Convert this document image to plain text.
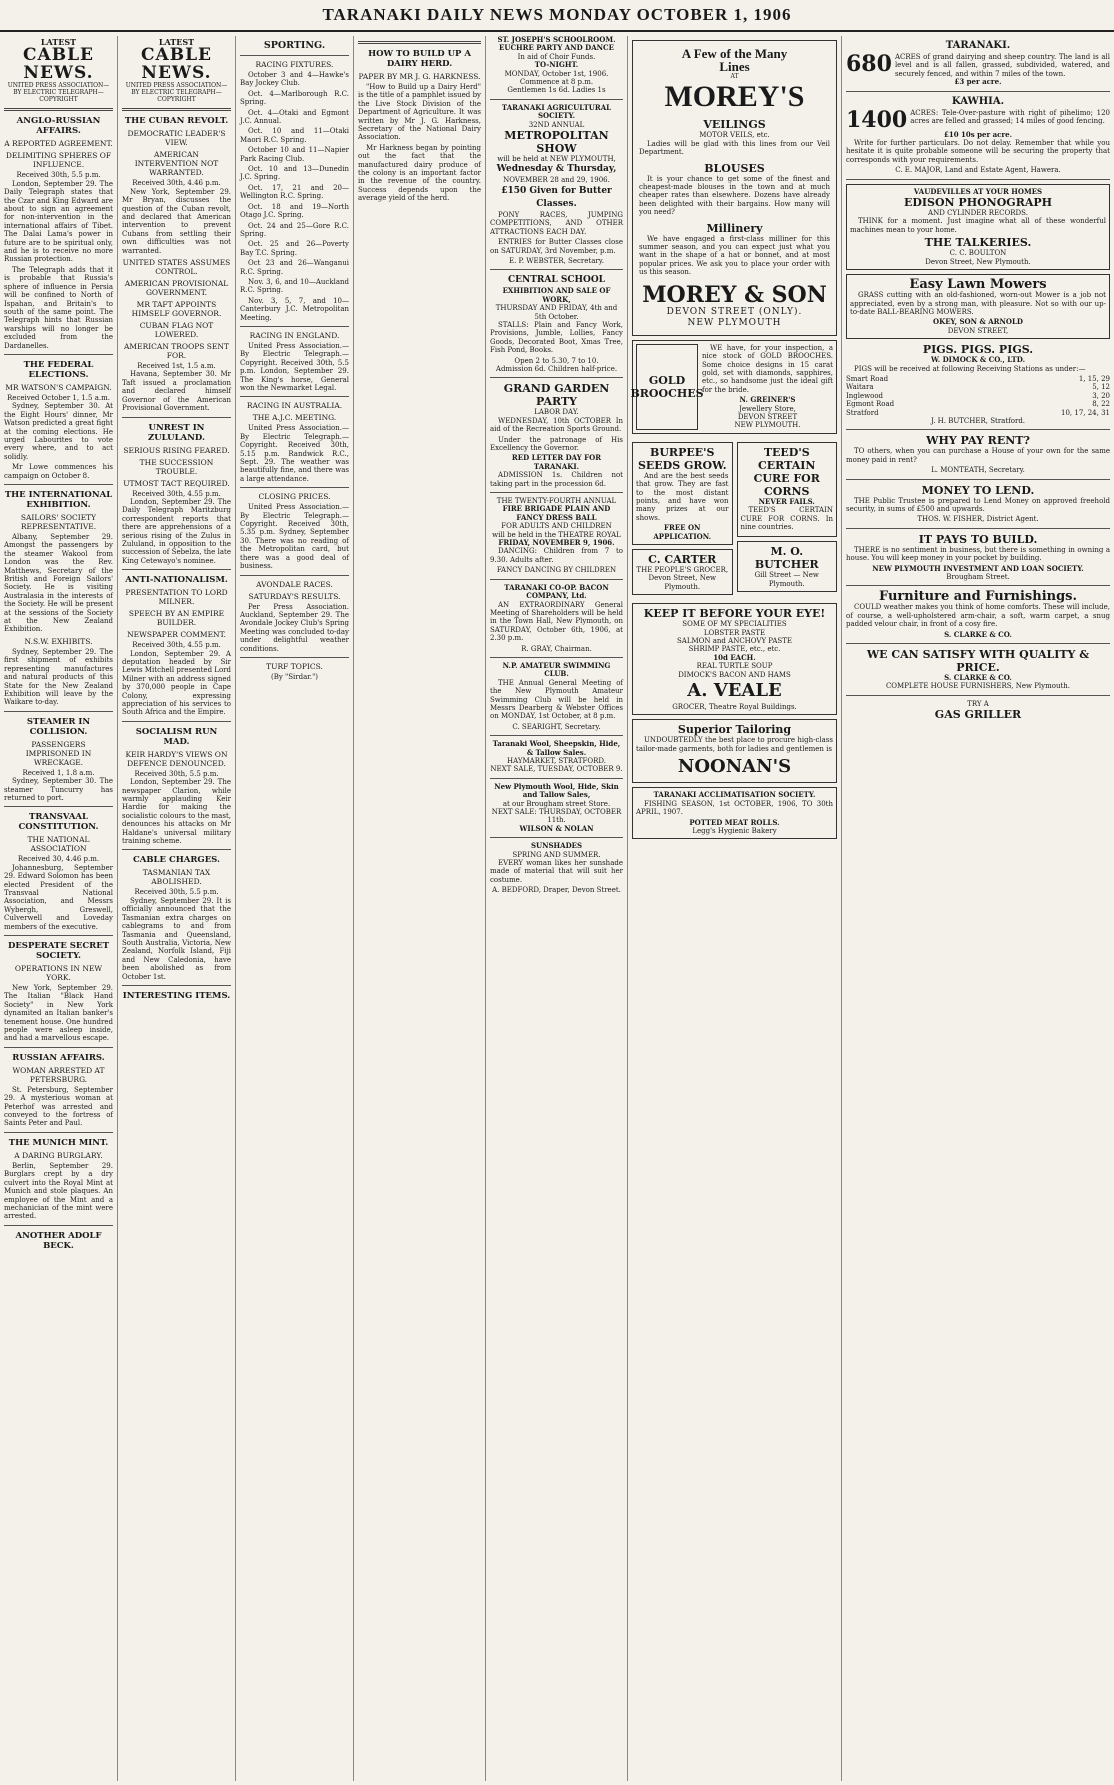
TARANAKI DAILY NEWS MONDAY OCTOBER 1, 1906
LATEST
CABLE NEWS.
UNITED PRESS ASSOCIATION—BY ELECTRIC TELEGRAPH—COPYRIGHT
ANGLO-RUSSIAN AFFAIRS.
A REPORTED AGREEMENT.
DELIMITING SPHERES OF INFLUENCE.
Received 30th, 5.5 p.m.

London, September 29. The Daily Telegraph states that the Czar and King Edward are about to sign an agreement for non-intervention in the international affairs of Tibet. The Dalai Lama's power in future are to be spiritual only, and he is to receive no more Russian protection.

The Telegraph adds that it is probable that Russia's sphere of influence in Persia will be confined to North of Ispahan, and Britain's to south of the same point. The Telegraph hints that Russian warships will no longer be excluded from the Dardanelles.

THE FEDERAL ELECTIONS.
MR WATSON'S CAMPAIGN.
Received October 1, 1.5 a.m.

Sydney, September 30. At the Eight Hours' dinner, Mr Watson predicted a great fight at the coming elections. He urged Labourites to vote every where, and to act solidly.

Mr Lowe commences his campaign on October 8.

THE INTERNATIONAL EXHIBITION.
SAILORS' SOCIETY REPRESENTATIVE.

Albany, September 29. Amongst the passengers by the steamer Wakool from London was the Rev. Matthews, Secretary of the British and Foreign Sailors' Society. He is visiting Australasia in the interests of the Society. He will be present at the sessions of the Society at the New Zealand Exhibition.

N.S.W. EXHIBITS.

Sydney, September 29. The first shipment of exhibits representing manufactures and natural products of this State for the New Zealand Exhibition will leave by the Waikare to-day.

STEAMER IN COLLISION.
PASSENGERS IMPRISONED IN WRECKAGE.
Received 1, 1.8 a.m.

Sydney, September 30. The steamer Tuncurry has returned to port.

TRANSVAAL CONSTITUTION.
THE NATIONAL ASSOCIATION
Received 30, 4.46 p.m.

Johannesburg, September 29. Edward Solomon has been elected President of the Transvaal National Association, and Messrs Wybergh, Greswell, Culverwell and Loveday members of the executive.

DESPERATE SECRET SOCIETY.
OPERATIONS IN NEW YORK.

New York, September 29. The Italian "Black Hand Society" in New York dynamited an Italian banker's tenement house. One hundred people were asleep inside, and had a marvellous escape.

RUSSIAN AFFAIRS.
WOMAN ARRESTED AT PETERSBURG.

St. Petersburg, September 29. A mysterious woman at Peterhof was arrested and conveyed to the fortress of Saints Peter and Paul.

THE MUNICH MINT.
A DARING BURGLARY.

Berlin, September 29. Burglars crept by a dry culvert into the Royal Mint at Munich and stole plaques. An employee of the Mint and a mechanician of the mint were arrested.

ANOTHER ADOLF BECK.
LATEST
CABLE NEWS.
UNITED PRESS ASSOCIATION—BY ELECTRIC TELEGRAPH—COPYRIGHT
THE CUBAN REVOLT.
DEMOCRATIC LEADER'S VIEW.
AMERICAN INTERVENTION NOT WARRANTED.
Received 30th, 4.46 p.m.

New York, September 29. Mr Bryan, discusses the question of the Cuban revolt, and declared that American intervention to prevent Cubans from settling their own difficulties was not warranted.

UNITED STATES ASSUMES CONTROL.
AMERICAN PROVISIONAL GOVERNMENT.
MR TAFT APPOINTS HIMSELF GOVERNOR.
CUBAN FLAG NOT LOWERED.
AMERICAN TROOPS SENT FOR.
Received 1st, 1.5 a.m.

Havana, September 30. Mr Taft issued a proclamation and declared himself Governor of the American Provisional Government.

UNREST IN ZULULAND.
SERIOUS RISING FEARED.
THE SUCCESSION TROUBLE.
UTMOST TACT REQUIRED.
Received 30th, 4.55 p.m.

London, September 29. The Daily Telegraph Maritzburg correspondent reports that there are apprehensions of a serious rising of the Zulus in Zululand, in opposition to the succession of Sebelza, the late King Cetewayo's nominee.

ANTI-NATIONALISM.
PRESENTATION TO LORD MILNER.
SPEECH BY AN EMPIRE BUILDER.
NEWSPAPER COMMENT.
Received 30th, 4.55 p.m.

London, September 29. A deputation headed by Sir Lewis Mitchell presented Lord Milner with an address signed by 370,000 people in Cape Colony, expressing appreciation of his services to South Africa and the Empire.

SOCIALISM RUN MAD.
KEIR HARDY'S VIEWS ON DEFENCE DENOUNCED.
Received 30th, 5.5 p.m.

London, September 29. The newspaper Clarion, while warmly applauding Keir Hardie for making the socialistic colours to the mast, denounces his attacks on Mr Haldane's universal military training scheme.

CABLE CHARGES.
TASMANIAN TAX ABOLISHED.
Received 30th, 5.5 p.m.

Sydney, September 29. It is officially announced that the Tasmanian extra charges on cablegrams to and from Tasmania and Queensland, South Australia, Victoria, New Zealand, Norfolk Island, Fiji and New Caledonia, have been abolished as from October 1st.

INTERESTING ITEMS.
SPORTING.
RACING FIXTURES.

October 3 and 4—Hawke's Bay Jockey Club.

Oct. 4—Marlborough R.C. Spring.

Oct. 4—Otaki and Egmont J.C. Annual.

Oct. 10 and 11—Otaki Maori R.C. Spring.

October 10 and 11—Napier Park Racing Club.

Oct. 10 and 13—Dunedin J.C. Spring.

Oct. 17, 21 and 20—Wellington R.C. Spring.

Oct. 18 and 19—North Otago J.C. Spring.

Oct. 24 and 25—Gore R.C. Spring.

Oct. 25 and 26—Poverty Bay T.C. Spring.

Oct 23 and 26—Wanganui R.C. Spring.

Nov. 3, 6, and 10—Auckland R.C. Spring.

Nov. 3, 5, 7, and 10—Canterbury J.C. Metropolitan Meeting.

RACING IN ENGLAND.

United Press Association.—By Electric Telegraph.—Copyright. Received 30th, 5.5 p.m. London, September 29. The King's horse, General won the Newmarket Legal.

RACING IN AUSTRALIA.
THE A.J.C. MEETING.

United Press Association.—By Electric Telegraph.—Copyright. Received 30th, 5.15 p.m. Randwick R.C., Sept. 29. The weather was beautifully fine, and there was a large attendance.

CLOSING PRICES.

United Press Association.—By Electric Telegraph.—Copyright. Received 30th, 5.35 p.m. Sydney, September 30. There was no reading of the Metropolitan card, but there was a good deal of business.

AVONDALE RACES.
SATURDAY'S RESULTS.

Per Press Association. Auckland, September 29. The Avondale Jockey Club's Spring Meeting was concluded to-day under delightful weather conditions.

TURF TOPICS.
(By "Sirdar.")
HOW TO BUILD UP A DAIRY HERD.
PAPER BY MR J. G. HARKNESS.

"How to Build up a Dairy Herd" is the title of a pamphlet issued by the Live Stock Division of the Department of Agriculture. It was written by Mr J. G. Harkness, Secretary of the National Dairy Association.

Mr Harkness began by pointing out the fact that the manufactured dairy produce of the colony is an important factor in the revenue of the country. Success depends upon the average yield of the herd.

ST. JOSEPH'S SCHOOLROOM.
EUCHRE PARTY AND DANCE
In aid of Choir Funds.
TO-NIGHT.
MONDAY, October 1st, 1906.
Commence at 8 p.m.
Gentlemen 1s 6d. Ladies 1s
TARANAKI AGRICULTURAL SOCIETY.
32ND ANNUAL
METROPOLITAN SHOW
will be held at NEW PLYMOUTH,
Wednesday & Thursday,
NOVEMBER 28 and 29, 1906.
£150 Given for Butter Classes.

PONY RACES, JUMPING COMPETITIONS, AND OTHER ATTRACTIONS EACH DAY.

ENTRIES for Butter Classes close on SATURDAY, 3rd November, p.m.

E. P. WEBSTER, Secretary.
CENTRAL SCHOOL
EXHIBITION AND SALE OF WORK,
THURSDAY AND FRIDAY, 4th and 5th October.

STALLS: Plain and Fancy Work, Provisions, Jumble, Lollies, Fancy Goods, Decorated Boot, Xmas Tree, Fish Pond, Books.

Open 2 to 5.30, 7 to 10.
Admission 6d. Children half-price.
GRAND GARDEN PARTY
LABOR DAY.

WEDNESDAY, 10th OCTOBER In aid of the Recreation Sports Ground.

Under the patronage of His Excellency the Governor.

RED LETTER DAY FOR TARANAKI.

ADMISSION 1s. Children not taking part in the procession 6d.

THE TWENTY-FOURTH ANNUAL
FIRE BRIGADE PLAIN AND FANCY DRESS BALL
FOR ADULTS AND CHILDREN
will be held in the THEATRE ROYAL
FRIDAY, NOVEMBER 9, 1906.

DANCING: Children from 7 to 9.30. Adults after.

FANCY DANCING BY CHILDREN
TARANAKI CO-OP. BACON COMPANY, Ltd.

AN EXTRAORDINARY General Meeting of Shareholders will be held in the Town Hall, New Plymouth, on SATURDAY, October 6th, 1906, at 2.30 p.m.

R. GRAY, Chairman.
N.P. AMATEUR SWIMMING CLUB.

THE Annual General Meeting of the New Plymouth Amateur Swimming Club will be held in Messrs Dearberg & Webster Offices on MONDAY, 1st October, at 8 p.m.

C. SEARIGHT, Secretary.
Taranaki Wool, Sheepskin, Hide, & Tallow Sales.
HAYMARKET, STRATFORD.
NEXT SALE, TUESDAY, OCTOBER 9.
New Plymouth Wool, Hide, Skin and Tallow Sales,
at our Brougham street Store.
NEXT SALE: THURSDAY, OCTOBER 11th.
WILSON & NOLAN
SUNSHADES
SPRING AND SUMMER.

EVERY woman likes her sunshade made of material that will suit her costume.

A. BEDFORD, Draper, Devon Street.
A Few of the Many
Lines
AT
MOREY'S
VEILINGS
MOTOR VEILS, etc.

Ladies will be glad with this lines from our Veil Department.

BLOUSES

It is your chance to get some of the finest and cheapest-made blouses in the town and at much cheaper rates than elsewhere. Dozens have already been delighted with their bargains. How many will you need?

Millinery

We have engaged a first-class milliner for this summer season, and you can expect just what you want in the shape of a hat or bonnet, and at most popular prices. We ask you to place your order with us this season.

MOREY & SON
DEVON STREET (ONLY).
NEW PLYMOUTH
GOLD BROOCHES

WE have, for your inspection, a nice stock of GOLD BROOCHES. Some choice designs in 15 carat gold, set with diamonds, sapphires, etc., so handsome just the ideal gift for the bride.

N. GREINER'S
Jewellery Store,
DEVON STREET
NEW PLYMOUTH.
BURPEE'S SEEDS GROW.

And are the best seeds that grow. They are fast to the most distant points, and have won many prizes at our shows.

FREE ON APPLICATION.
C. CARTER
THE PEOPLE'S GROCER, Devon Street, New Plymouth.
TEED'S CERTAIN CURE FOR CORNS
NEVER FAILS.

TEED'S CERTAIN CURE FOR CORNS. In nine countries.

M. O. BUTCHER
Gill Street — New Plymouth.
KEEP IT BEFORE YOUR EYE!
SOME OF MY SPECIALITIES
LOBSTER PASTE
SALMON and ANCHOVY PASTE
SHRIMP PASTE, etc., etc.
10d EACH.
REAL TURTLE SOUP
DIMOCK'S BACON AND HAMS
A. VEALE
GROCER, Theatre Royal Buildings.
Superior Tailoring

UNDOUBTEDLY the best place to procure high-class tailor-made garments, both for ladies and gentlemen is

NOONAN'S
TARANAKI ACCLIMATISATION SOCIETY.

FISHING SEASON, 1st OCTOBER, 1906, TO 30th APRIL, 1907.

POTTED MEAT ROLLS.
Legg's Hygienic Bakery
TARANAKI.
680 ACRES of grand dairying and sheep country. The land is all level and is all fallen, grassed, subdivided, watered, and securely fenced, and within 7 miles of the town.
£3 per acre.
KAWHIA.
1400 ACRES: Tele-Over-pasture with right of pihelimo; 120 acres are felled and grassed; 14 miles of good fencing.
£10 10s per acre.

Write for further particulars. Do not delay. Remember that while you hesitate it is quite probable someone will be securing the property that corresponds with your requirements.

C. E. MAJOR, Land and Estate Agent, Hawera.
VAUDEVILLES AT YOUR HOMES
EDISON PHONOGRAPH
AND CYLINDER RECORDS.

THINK for a moment. Just imagine what all of these wonderful machines mean to your home.

THE TALKERIES.
C. C. BOULTON
Devon Street, New Plymouth.
Easy Lawn Mowers

GRASS cutting with an old-fashioned, worn-out Mower is a job not appreciated, even by a strong man, with pleasure. Not so with our up-to-date BALL-BEARING MOWERS.

OKEY, SON & ARNOLD
DEVON STREET,
PIGS. PIGS. PIGS.
W. DIMOCK & CO., LTD.

PIGS will be received at following Receiving Stations as under:—

Smart Road	1, 15, 29
Waitara	5, 12
Inglewood	3, 20
Egmont Road	8, 22
Stratford	10, 17, 24, 31
J. H. BUTCHER, Stratford.
WHY PAY RENT?

TO others, when you can purchase a House of your own for the same money paid in rent?

L. MONTEATH, Secretary.
MONEY TO LEND.

THE Public Trustee is prepared to Lend Money on approved freehold security, in sums of £500 and upwards.

THOS. W. FISHER, District Agent.
IT PAYS TO BUILD.

THERE is no sentiment in business, but there is something in owning a house. You will keep money in your pocket by building.

NEW PLYMOUTH INVESTMENT AND LOAN SOCIETY.
Brougham Street.
Furniture and Furnishings.

COULD weather makes you think of home comforts. These will include, of course, a well-upholstered arm-chair, a soft, warm carpet, a snug padded velour chair, in front of a cosy fire.

S. CLARKE & CO.
WE CAN SATISFY WITH QUALITY & PRICE.
S. CLARKE & CO.
COMPLETE HOUSE FURNISHERS, New Plymouth.
TRY A
GAS GRILLER
